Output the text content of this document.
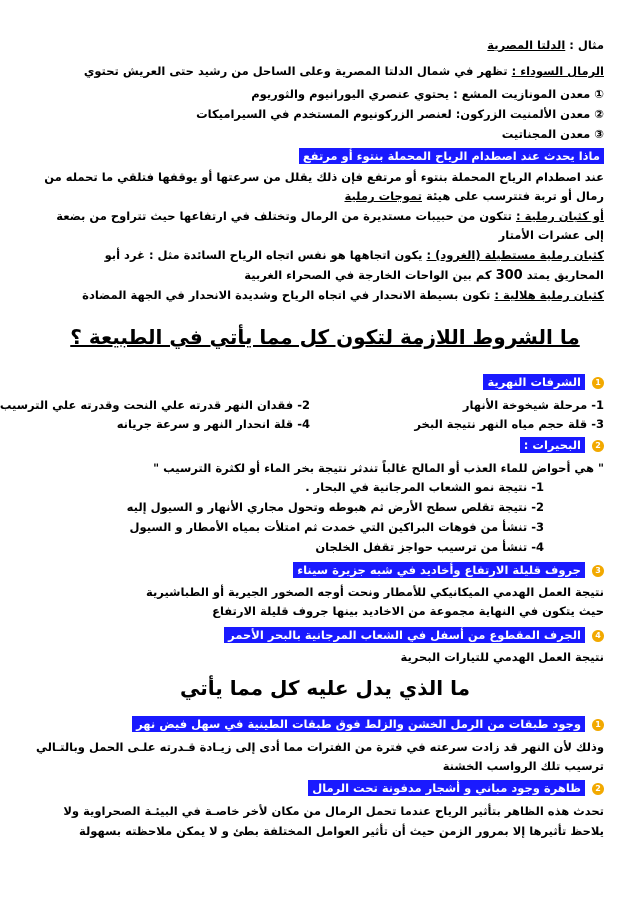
مثال : الدلتا المصرية
الرمال السوداء : تظهر في شمال الدلتا المصرية وعلى الساحل من رشيد حتى العريش تحتوي
① معدن المونازيت المشع : يحتوي عنصري اليورانيوم والثوريوم
② معدن الألمنيت الزركون: لعنصر الزركونيوم المستخدم في السيراميكات
③ معدن المجناتيت
ماذا يحدث عند اصطدام الرياح المحملة بنتوء أو مرتفع
عند اصطدام الرياح المحملة بنتوء أو مرتفع فإن ذلك يقلل من سرعتها أو يوقفها فتلقي ما تحمله من
رمال أو تربة فتترسب على هيئة تموجات رملية
أو كثبان رملية : تتكون من حبيبات مستديرة من الرمال وتختلف في ارتفاعها حيث تتراوح من بضعة
إلى عشرات الأمتار
كثبان رملية مستطيلة (الغرود) : يكون اتجاهها هو نفس اتجاه الرياح السائدة مثل : غرد أبو
المحاريق يمتد 300 كم بين الواحات الخارجة في الصحراء الغربية
كثبان رملية هلالية : تكون بسيطة الانحدار في اتجاه الرياح وشديدة الانحدار في الجهة المضادة
ما الشروط اللازمة لتكون كل مما يأتي في الطبيعة ؟
1 الشرفات النهرية
1- مرحلة شيخوخة الأنهار 2- فقدان النهر قدرته علي النحت وقدرته علي الترسيب
3- قلة حجم مياه النهر نتيجة البخر 4- قلة انحدار النهر و سرعة جريانه
2 البحيرات :
" هي أحواض للماء العذب أو المالح غالباً تندثر نتيجة بخر الماء أو لكثرة الترسيب "
1- نتيجة نمو الشعاب المرجانية في البحار .
2- نتيجة تقلص سطح الأرض ثم هبوطه وتحول مجاري الأنهار و السيول إليه
3- تنشأ من فوهات البراكين التي خمدت ثم امتلأت بمياه الأمطار و السيول
4- تنشأ من ترسيب حواجز تقفل الخلجان
3 جروف قليلة الارتفاع وأخاديد في شبه جزيرة سيناء
نتيجة العمل الهدمي الميكانيكي للأمطار ونحت أوجه الصخور الجيرية أو الطباشيرية
حيث يتكون في النهاية مجموعة من الاخاديد بينها جروف قليلة الارتفاع
4 الجرف المقطوع من أسفل في الشعاب المرجانية بالبحر الأحمر
نتيجة العمل الهدمي للتيارات البحرية
ما الذي يدل عليه كل مما يأتي
1 وجود طبقات من الرمل الخشن والزلط فوق طبقات الطينية في سهل فيض نهر
وذلك لأن النهر قد زادت سرعته في فترة من الفترات مما أدى إلى زيـادة قـدرته علـى الحمل وبالتـالي
ترسيب تلك الرواسب الخشنة
2 ظاهرة وجود مباني و أشجار مدفونة تحت الرمال
تحدث هذه الظاهر بتأثير الرياح عندما تحمل الرمال من مكان لأخر خاصـة في البيئـة الصحراوية ولا
يلاحظ تأثيرها إلا بمرور الزمن حيث أن تأثير العوامل المختلفة بطئ و لا يمكن ملاحظته بسهولة
